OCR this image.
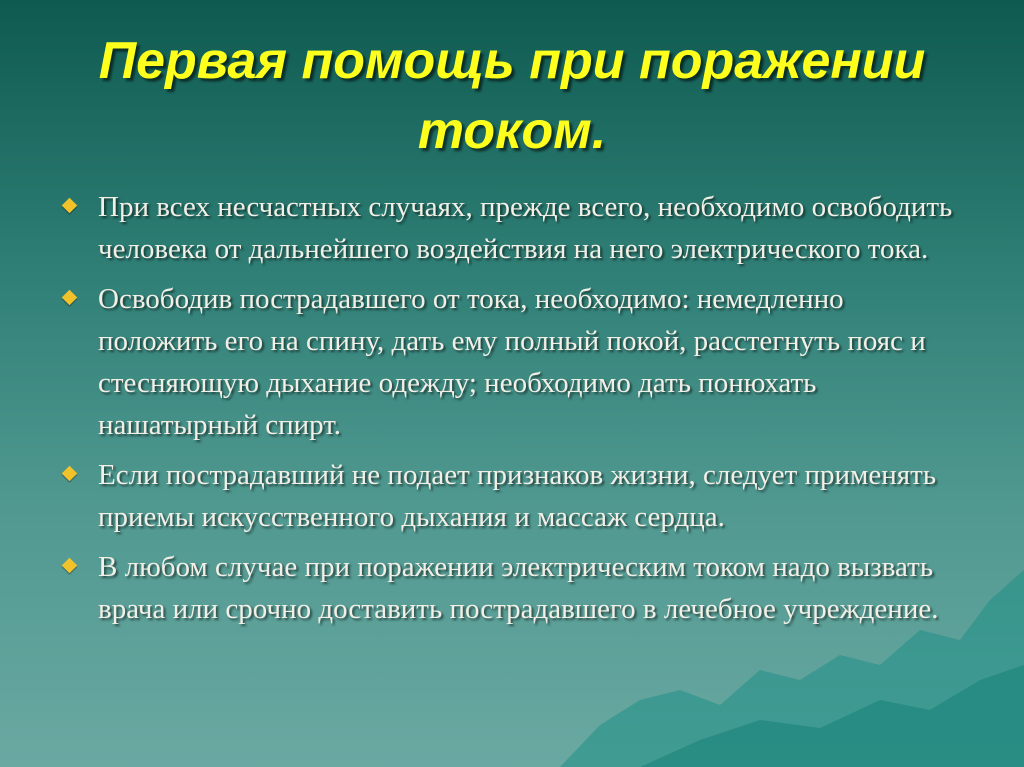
Первая помощь при поражении током.
При всех несчастных случаях, прежде всего, необходимо освободить человека от дальнейшего воздействия на него электрического тока.
Освободив пострадавшего от тока, необходимо: немедленно положить его на спину, дать ему полный покой, расстегнуть пояс и стесняющую дыхание одежду; необходимо дать понюхать нашатырный спирт.
Если пострадавший не подает признаков жизни, следует применять приемы искусственного дыхания и массаж сердца.
В любом случае при поражении электрическим током надо вызвать врача или срочно доставить пострадавшего в лечебное учреждение.
